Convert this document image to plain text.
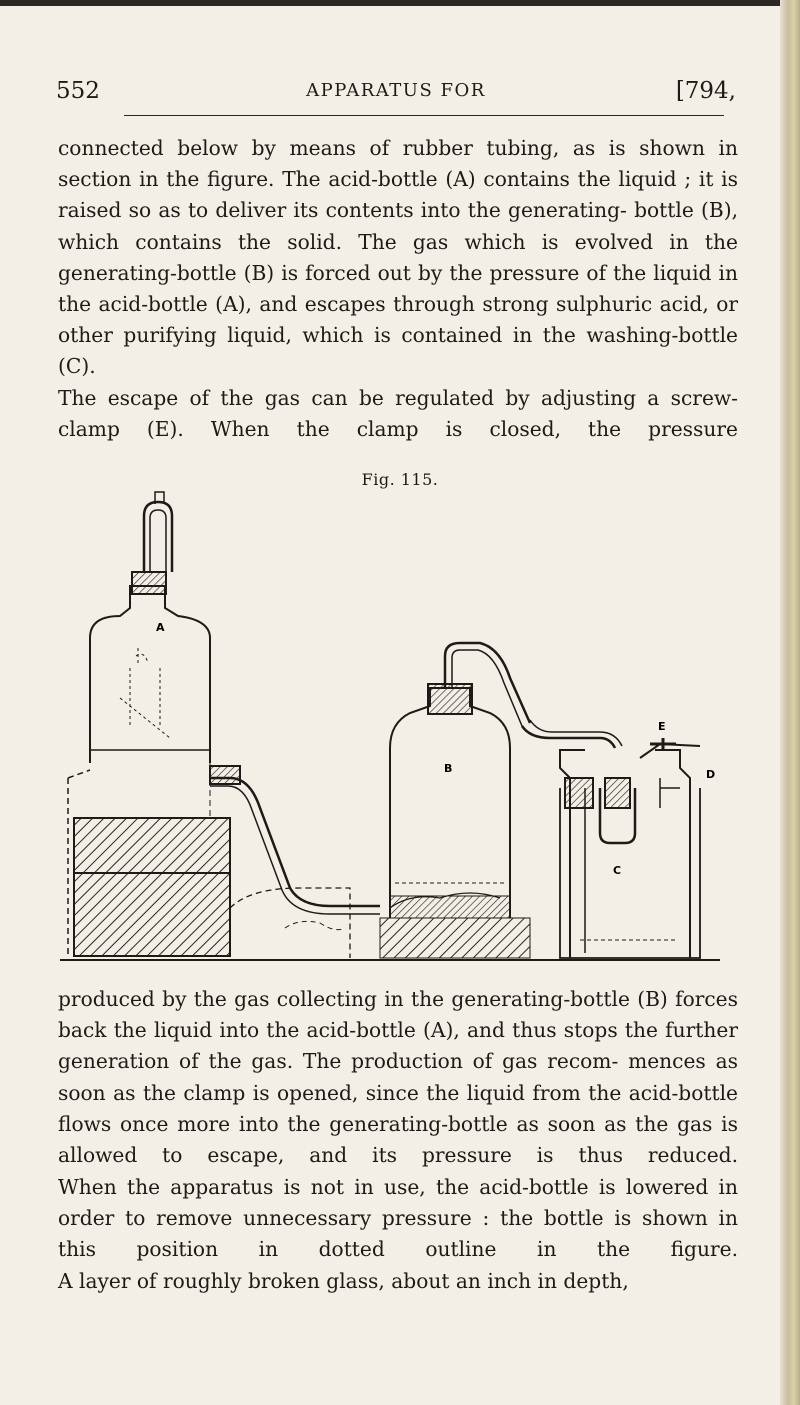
552	APPARATUS FOR	[794,

connected below by means of rubber tubing, as is shown in section in the figure. The acid-bottle (A) contains the liquid ; it is raised so as to deliver its contents into the generating- bottle (B), which contains the solid. The gas which is evolved in the generating-bottle (B) is forced out by the pressure of the liquid in the acid-bottle (A), and escapes through strong sulphuric acid, or other purifying liquid, which is contained in the washing-bottle (C).

The escape of the gas can be regulated by adjusting a screw-clamp (E). When the clamp is closed, the pressure

Fig. 115.
A
B
C
D
E

produced by the gas collecting in the generating-bottle (B) forces back the liquid into the acid-bottle (A), and thus stops the further generation of the gas. The production of gas recom- mences as soon as the clamp is opened, since the liquid from the acid-bottle flows once more into the generating-bottle as soon as the gas is allowed to escape, and its pressure is thus reduced.

When the apparatus is not in use, the acid-bottle is lowered in order to remove unnecessary pressure : the bottle is shown in this position in dotted outline in the figure.

A layer of roughly broken glass, about an inch in depth,
